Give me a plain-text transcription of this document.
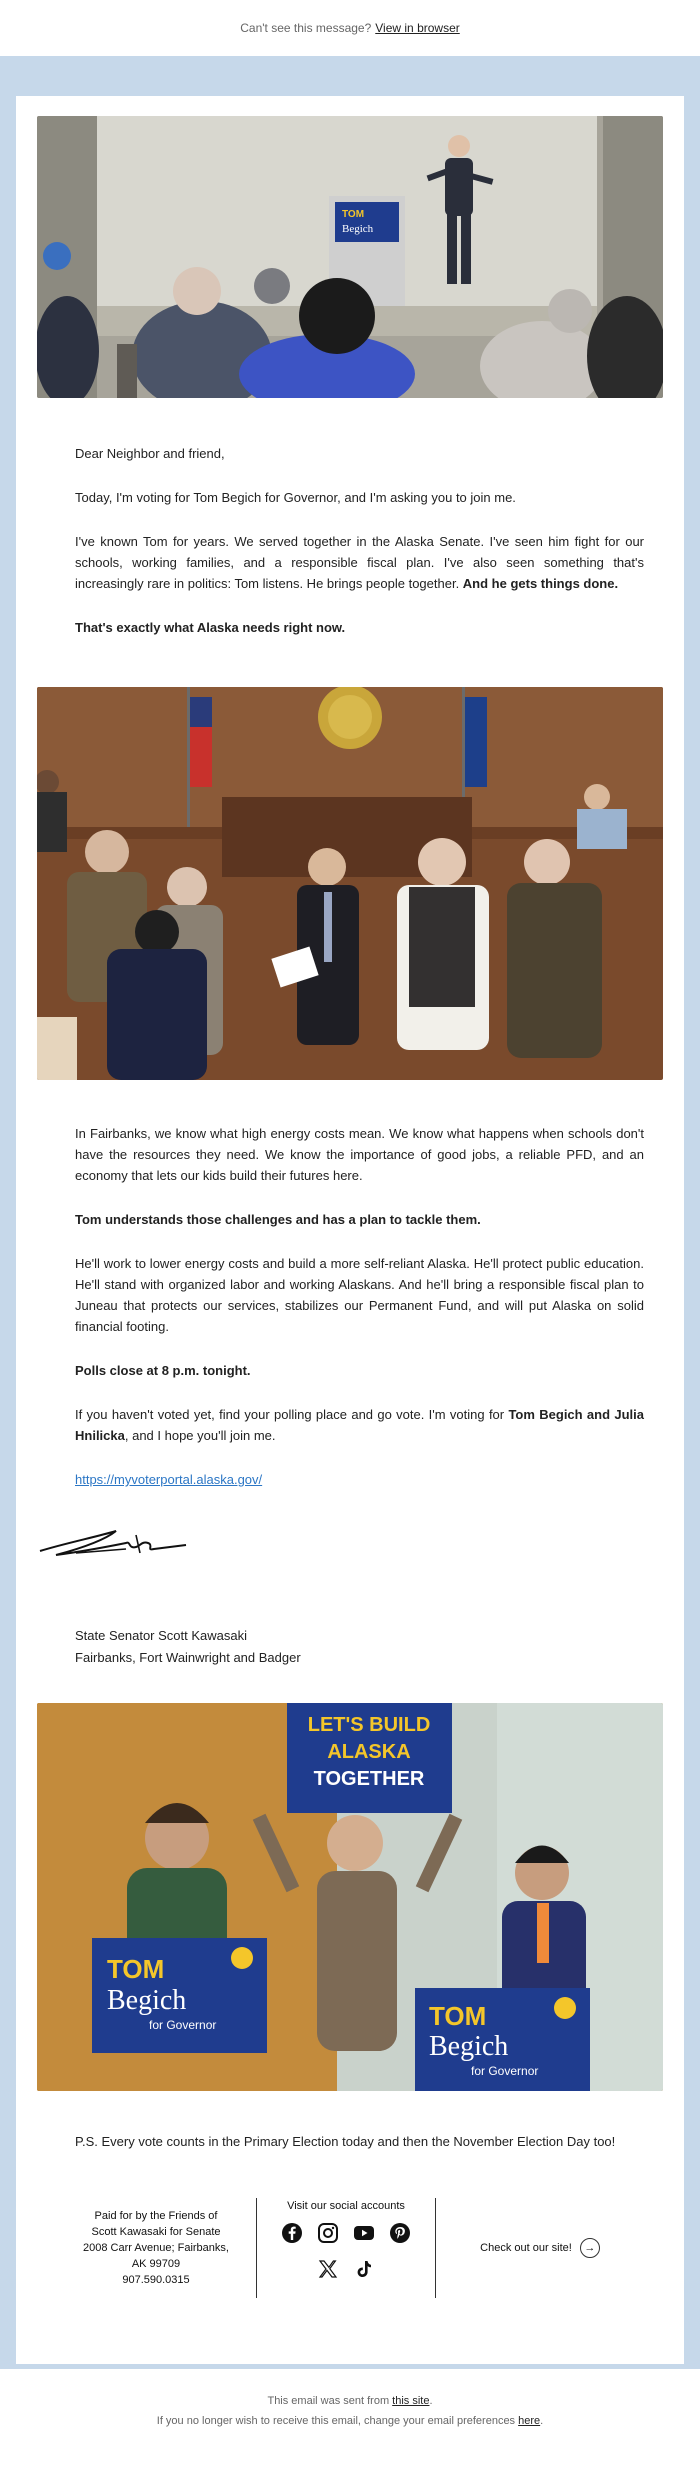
Can't see this message? View in browser
TOM
Begich

Dear Neighbor and friend,

Today, I'm voting for Tom Begich for Governor, and I'm asking you to join me.

I've known Tom for years. We served together in the Alaska Senate. I've seen him fight for our schools, working families, and a responsible fiscal plan. I've also seen something that's increasingly rare in politics: Tom listens. He brings people together. And he gets things done.

That's exactly what Alaska needs right now.

In Fairbanks, we know what high energy costs mean. We know what happens when schools don't have the resources they need. We know the importance of good jobs, a reliable PFD, and an economy that lets our kids build their futures here.

Tom understands those challenges and has a plan to tackle them.

He'll work to lower energy costs and build a more self-reliant Alaska. He'll protect public education. He'll stand with organized labor and working Alaskans. And he'll bring a responsible fiscal plan to Juneau that protects our services, stabilizes our Permanent Fund, and will put Alaska on solid financial footing.

Polls close at 8 p.m. tonight.

If you haven't voted yet, find your polling place and go vote. I'm voting for Tom Begich and Julia Hnilicka, and I hope you'll join me.

https://myvoterportal.alaska.gov/

State Senator Scott Kawasaki
Fairbanks, Fort Wainwright and Badger
LET'S BUILD
ALASKA
TOGETHER
TOM
Begich
for Governor	TOM
Begich
for Governor

P.S. Every vote counts in the Primary Election today and then the November Election Day too!

Paid for by the Friends of
Scott Kawasaki for Senate
2008 Carr Avenue; Fairbanks,
AK 99709
907.590.0315
Visit our social accounts
Check out our site!	→
This email was sent from this site.
If you no longer wish to receive this email, change your email preferences here.
